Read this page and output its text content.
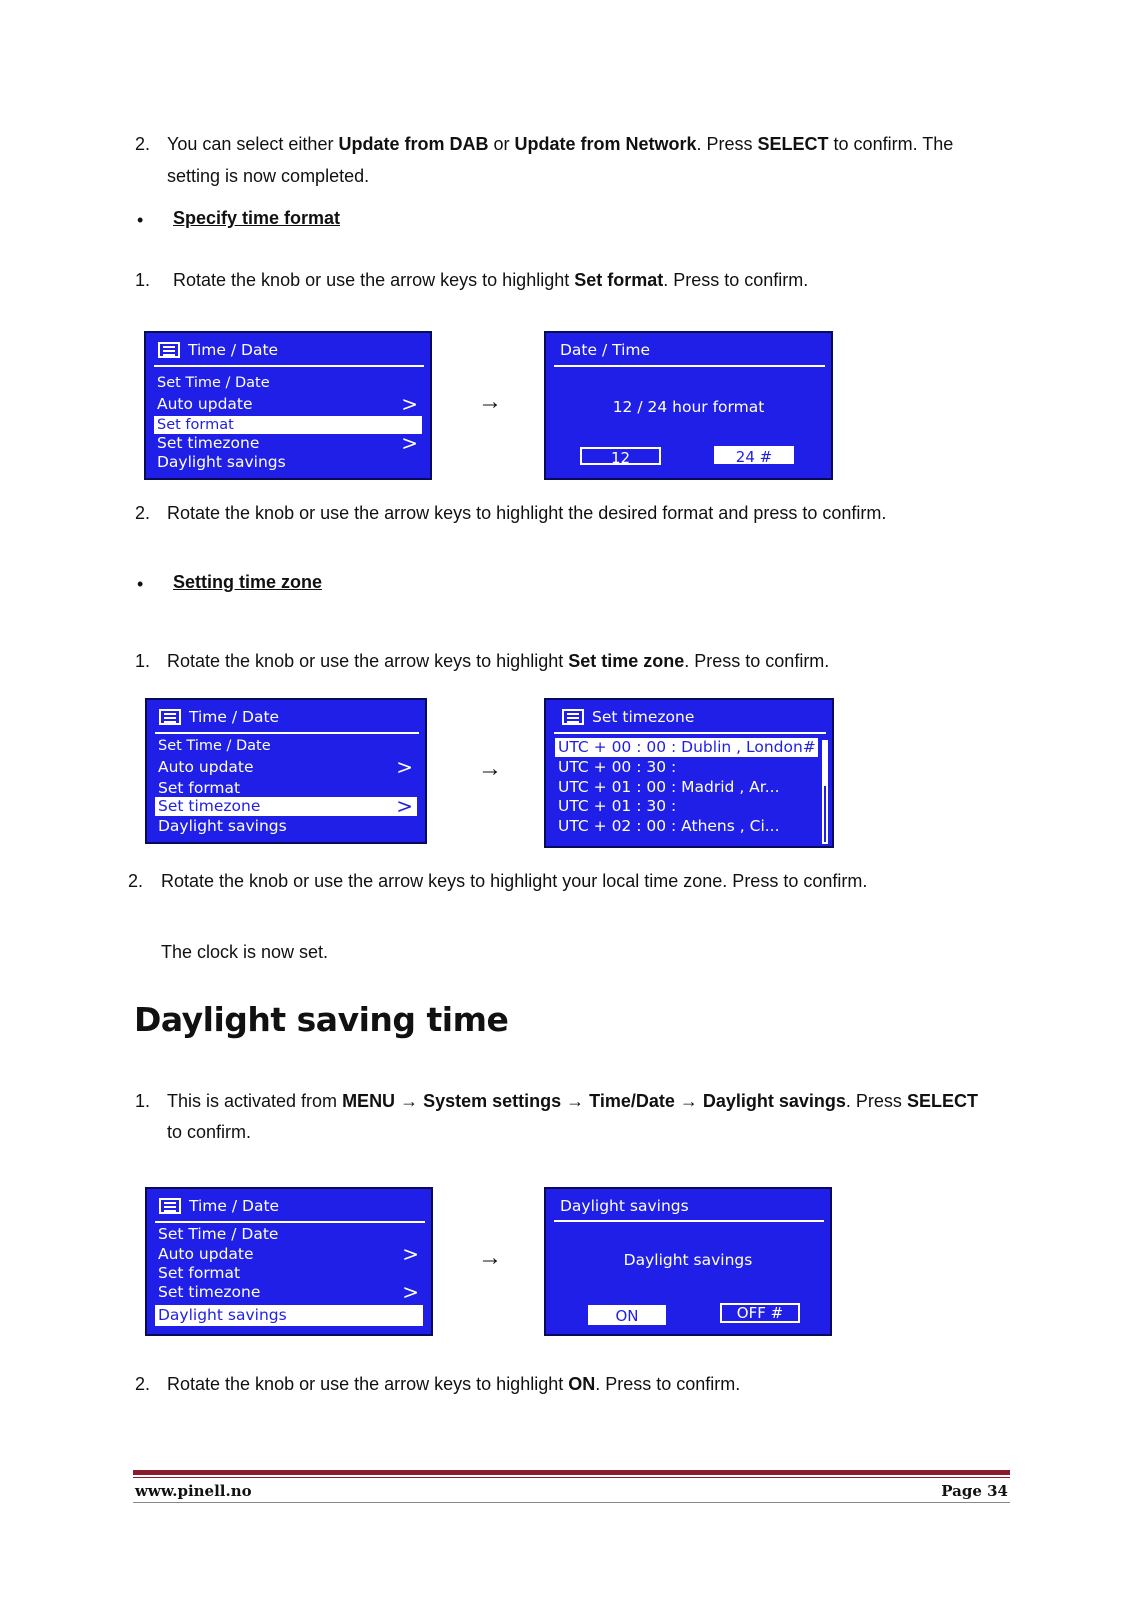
2. You can select either Update from DAB or Update from Network. Press SELECT to confirm. The
setting is now completed.
• Specify time format
1. Rotate the knob or use the arrow keys to highlight Set format. Press to confirm.
Time / Date
Set Time / Date
Auto update	>
Set format
Set timezone	>
Daylight savings
→
Date / Time
12 / 24 hour format
12	24 #
2. Rotate the knob or use the arrow keys to highlight the desired format and press to confirm.
• Setting time zone
1. Rotate the knob or use the arrow keys to highlight Set time zone. Press to confirm.
Time / Date
Set Time / Date
Auto update	>
Set format
Set timezone	>
Daylight savings
→
Set timezone
UTC + 00 : 00 : Dublin , London#
UTC + 00 : 30 :
UTC + 01 : 00 : Madrid , Ar...
UTC + 01 : 30 :
UTC + 02 : 00 : Athens , Ci...
2. Rotate the knob or use the arrow keys to highlight your local time zone. Press to confirm.
The clock is now set.
Daylight saving time
1. This is activated from MENU → System settings → Time/Date → Daylight savings. Press SELECT
to confirm.
Time / Date
Set Time / Date
Auto update	>
Set format
Set timezone	>
Daylight savings
→
Daylight savings
Daylight savings
ON	OFF #
2. Rotate the knob or use the arrow keys to highlight ON. Press to confirm.
www.pinell.no	Page 34
